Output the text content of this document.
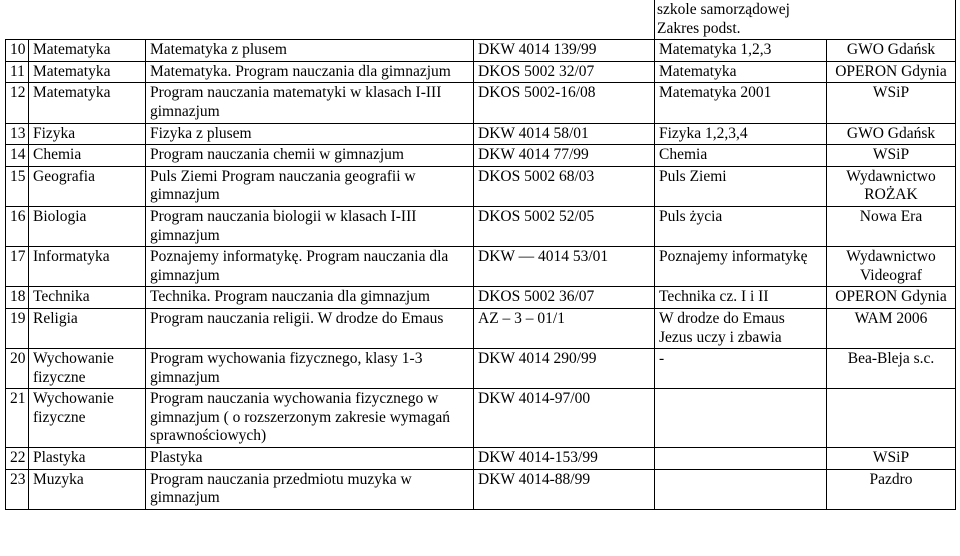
				szkole samorządowej
Zakres podst.	

10	Matematyka	Matematyka z plusem	DKW 4014 139/99	Matematyka 1,2,3	GWO Gdańsk
11	Matematyka	Matematyka. Program nauczania dla gimnazjum	DKOS 5002 32/07	Matematyka	OPERON Gdynia
12	Matematyka	Program nauczania matematyki w klasach I-III gimnazjum	DKOS 5002-16/08	Matematyka 2001	WSiP
13	Fizyka	Fizyka z plusem	DKW 4014 58/01	Fizyka 1,2,3,4	GWO Gdańsk
14	Chemia	Program nauczania chemii w gimnazjum	DKW 4014 77/99	Chemia	WSiP
15	Geografia	Puls Ziemi Program nauczania geografii w gimnazjum	DKOS 5002 68/03	Puls Ziemi	Wydawnictwo ROŻAK
16	Biologia	Program nauczania biologii w klasach I-III gimnazjum	DKOS 5002 52/05	Puls życia	Nowa Era
17	Informatyka	Poznajemy informatykę. Program nauczania dla gimnazjum	DKW — 4014 53/01	Poznajemy informatykę	Wydawnictwo Videograf
18	Technika	Technika. Program nauczania dla gimnazjum	DKOS 5002 36/07	Technika cz. I i II	OPERON Gdynia
19	Religia	Program nauczania religii. W drodze do Emaus	AZ – 3 – 01/1	W drodze do Emaus Jezus uczy i zbawia	WAM 2006
20	Wychowanie fizyczne	Program wychowania fizycznego, klasy 1-3 gimnazjum	DKW 4014 290/99	-	Bea-Bleja s.c.
21	Wychowanie fizyczne	Program nauczania wychowania fizycznego w gimnazjum ( o rozszerzonym zakresie wymagań sprawnościowych)	DKW 4014-97/00		
22	Plastyka	Plastyka	DKW 4014-153/99		WSiP
23	Muzyka	Program nauczania przedmiotu muzyka w gimnazjum	DKW 4014-88/99		Pazdro
